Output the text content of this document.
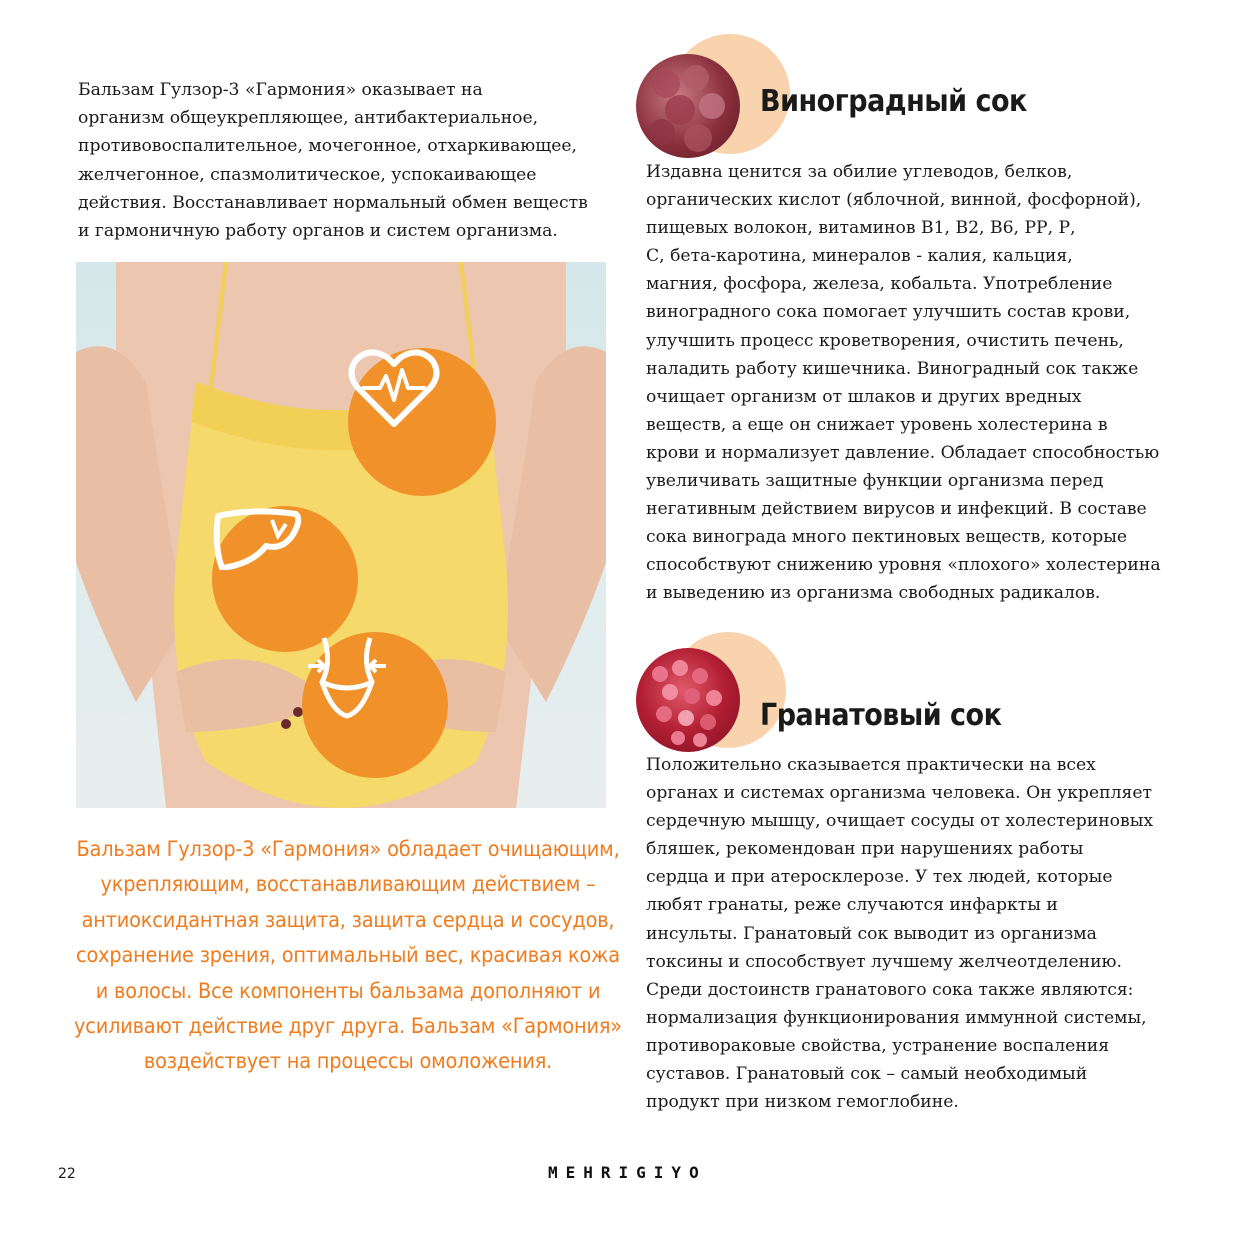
Бальзам Гулзор-3 «Гармония» оказывает на
организм общеукрепляющее, антибактериальное,
противовоспалительное, мочегонное, отхаркивающее,
желчегонное, спазмолитическое, успокаивающее
действия. Восстанавливает нормальный обмен веществ
и гармоничную работу органов и систем организма.

Бальзам Гулзор-3 «Гармония» обладает очищающим,
укрепляющим, восстанавливающим действием –
антиоксидантная защита, защита сердца и сосудов,
сохранение зрения, оптимальный вес, красивая кожа
и волосы. Все компоненты бальзама дополняют и
усиливают действие друг друга. Бальзам «Гармония»
воздействует на процессы омоложения.

Виноградный сок

Издавна ценится за обилие углеводов, белков,
органических кислот (яблочной, винной, фосфорной),
пищевых волокон, витаминов В1, В2, В6, РР, Р,
С, бета-каротина, минералов - калия, кальция,
магния, фосфора, железа, кобальта. Употребление
виноградного сока помогает улучшить состав крови,
улучшить процесс кроветворения, очистить печень,
наладить работу кишечника. Виноградный сок также
очищает организм от шлаков и других вредных
веществ, а еще он снижает уровень холестерина в
крови и нормализует давление. Обладает способностью
увеличивать защитные функции организма перед
негативным действием вирусов и инфекций. В составе
сока винограда много пектиновых веществ, которые
способствуют снижению уровня «плохого» холестерина
и выведению из организма свободных радикалов.

Гранатовый сок

Положительно сказывается практически на всех
органах и системах организма человека. Он укрепляет
сердечную мышцу, очищает сосуды от холестериновых
бляшек, рекомендован при нарушениях работы
сердца и при атеросклерозе. У тех людей, которые
любят гранаты, реже случаются инфаркты и
инсульты. Гранатовый сок выводит из организма
токсины и способствует лучшему желчеотделению.
Среди достоинств гранатового сока также являются:
нормализация функционирования иммунной системы,
противораковые свойства, устранение воспаления
суставов. Гранатовый сок – самый необходимый
продукт при низком гемоглобине.

22	MEHRIGIYO
